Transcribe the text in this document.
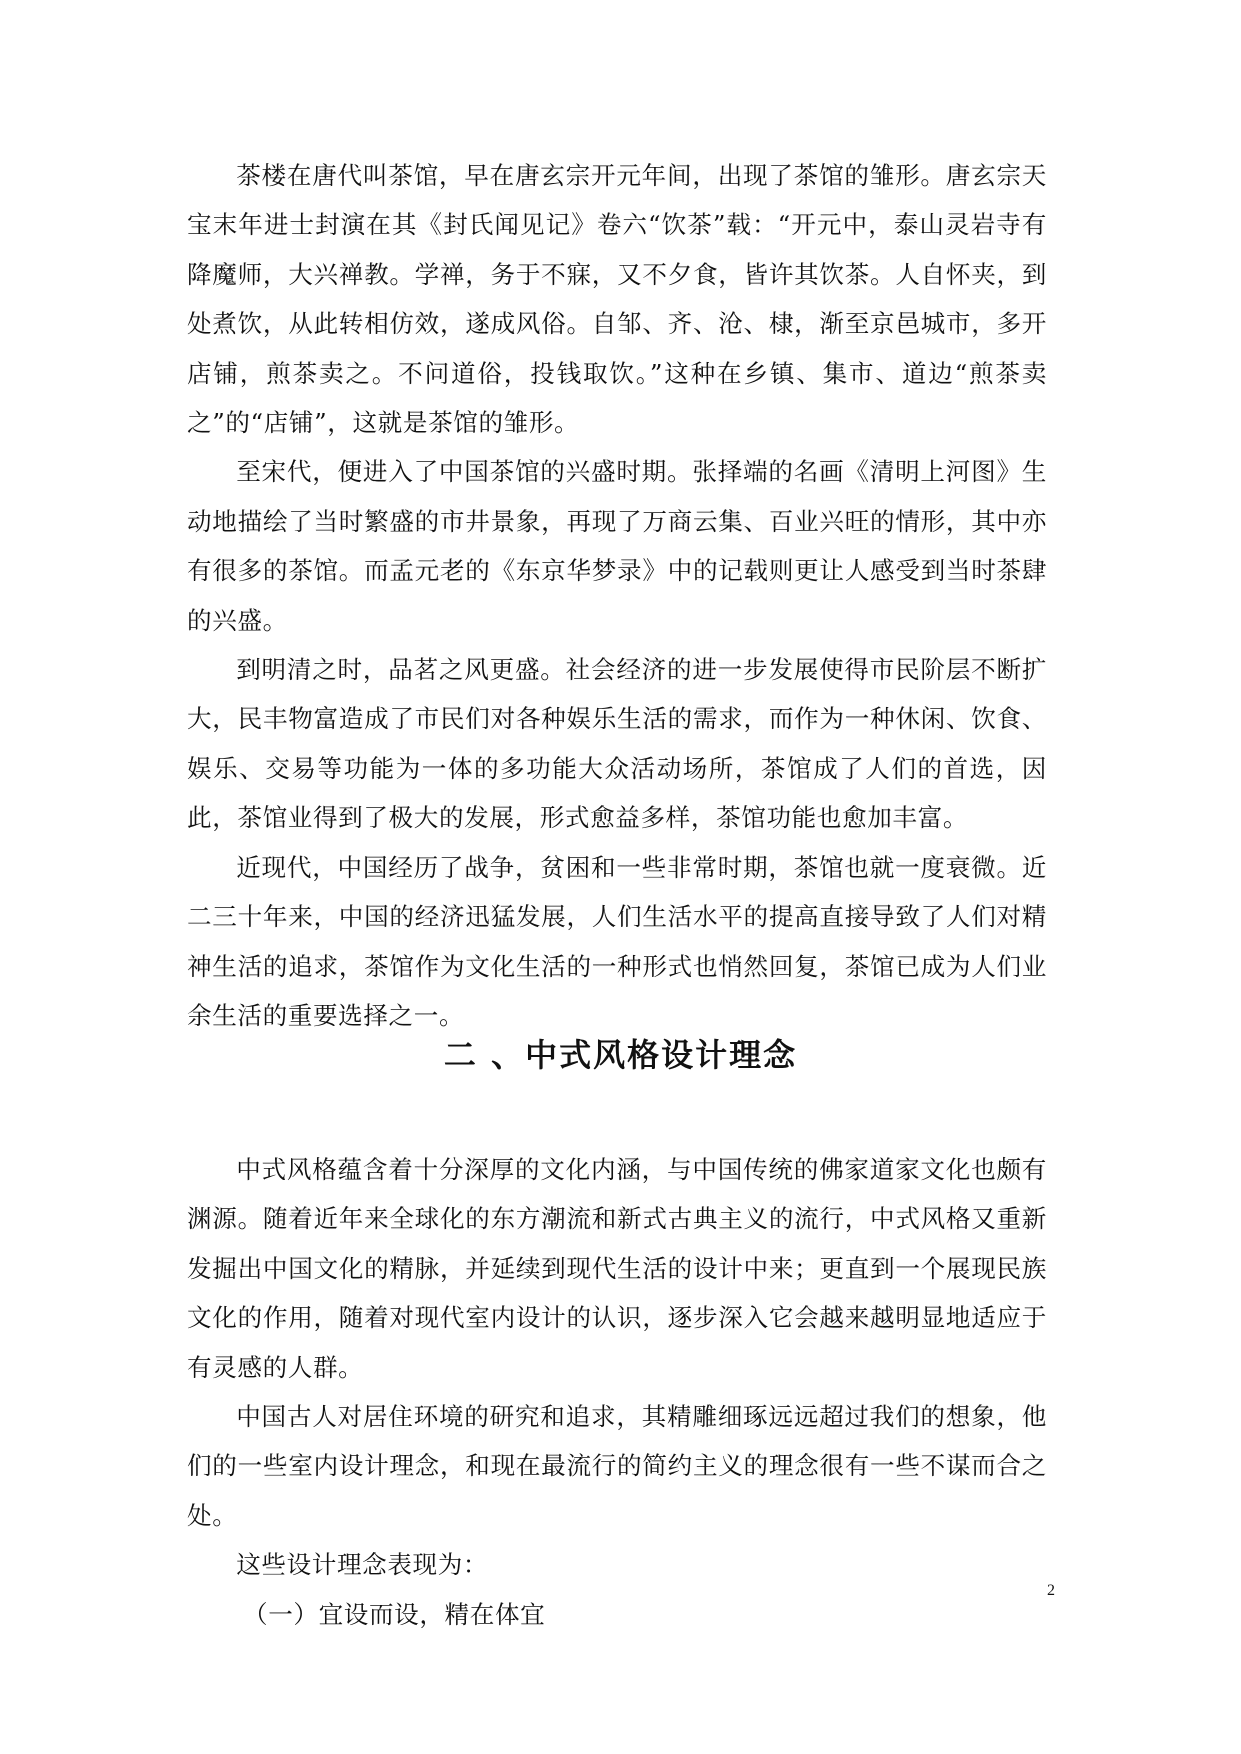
茶楼在唐代叫茶馆，早在唐玄宗开元年间，出现了茶馆的雏形。唐玄宗天宝末年进士封演在其《封氏闻见记》卷六“饮茶”载：“开元中，泰山灵岩寺有降魔师，大兴禅教。学禅，务于不寐，又不夕食，皆许其饮茶。人自怀夹，到处煮饮，从此转相仿效，遂成风俗。自邹、齐、沧、棣，渐至京邑城市，多开店铺，煎茶卖之。不问道俗，投钱取饮。”这种在乡镇、集市、道边“煎茶卖之”的“店铺”，这就是茶馆的雏形。

至宋代，便进入了中国茶馆的兴盛时期。张择端的名画《清明上河图》生动地描绘了当时繁盛的市井景象，再现了万商云集、百业兴旺的情形，其中亦有很多的茶馆。而孟元老的《东京华梦录》中的记载则更让人感受到当时茶肆的兴盛。

到明清之时，品茗之风更盛。社会经济的进一步发展使得市民阶层不断扩大，民丰物富造成了市民们对各种娱乐生活的需求，而作为一种休闲、饮食、娱乐、交易等功能为一体的多功能大众活动场所，茶馆成了人们的首选，因此，茶馆业得到了极大的发展，形式愈益多样，茶馆功能也愈加丰富。

近现代，中国经历了战争，贫困和一些非常时期，茶馆也就一度衰微。近二三十年来，中国的经济迅猛发展，人们生活水平的提高直接导致了人们对精神生活的追求，茶馆作为文化生活的一种形式也悄然回复，茶馆已成为人们业余生活的重要选择之一。

二 、中式风格设计理念

中式风格蕴含着十分深厚的文化内涵，与中国传统的佛家道家文化也颇有渊源。随着近年来全球化的东方潮流和新式古典主义的流行，中式风格又重新发掘出中国文化的精脉，并延续到现代生活的设计中来；更直到一个展现民族文化的作用，随着对现代室内设计的认识，逐步深入它会越来越明显地适应于有灵感的人群。

中国古人对居住环境的研究和追求，其精雕细琢远远超过我们的想象，他们的一些室内设计理念，和现在最流行的简约主义的理念很有一些不谋而合之处。

这些设计理念表现为：

（一）宜设而设，精在体宜

2
